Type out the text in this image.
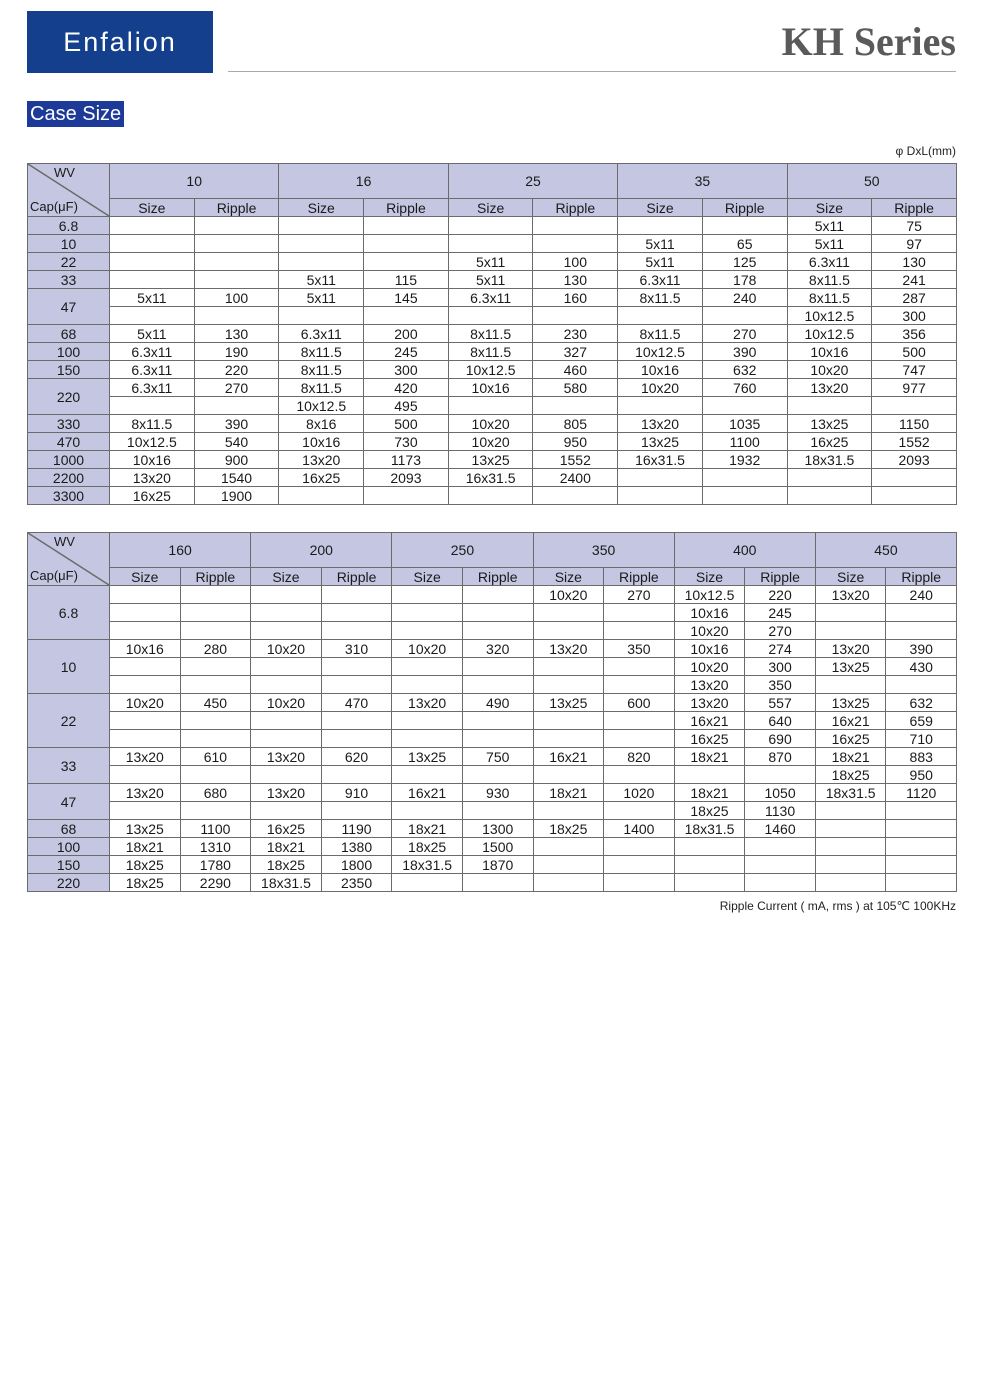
Enfalion	KH Series
Case Size
φ DxL(mm)
WV
Cap(μF)	10		16		25		35		50	
	Size	Ripple	Size	Ripple	Size	Ripple	Size	Ripple	Size	Ripple
6.8									5x11	75
10							5x11	65	5x11	97
22					5x11	100	5x11	125	6.3x11	130
33			5x11	115	5x11	130	6.3x11	178	8x11.5	241
47	5x11	100	5x11	145	6.3x11	160	8x11.5	240	8x11.5	287
									10x12.5	300
68	5x11	130	6.3x11	200	8x11.5	230	8x11.5	270	10x12.5	356
100	6.3x11	190	8x11.5	245	8x11.5	327	10x12.5	390	10x16	500
150	6.3x11	220	8x11.5	300	10x12.5	460	10x16	632	10x20	747
220	6.3x11	270	8x11.5	420	10x16	580	10x20	760	13x20	977
			10x12.5	495						
330	8x11.5	390	8x16	500	10x20	805	13x20	1035	13x25	1150
470	10x12.5	540	10x16	730	10x20	950	13x25	1100	16x25	1552
1000	10x16	900	13x20	1173	13x25	1552	16x31.5	1932	18x31.5	2093
2200	13x20	1540	16x25	2093	16x31.5	2400				
3300	16x25	1900								
WV
Cap(μF)	160		200		250		350		400		450	
	Size	Ripple	Size	Ripple	Size	Ripple	Size	Ripple	Size	Ripple	Size	Ripple
6.8							10x20	270	10x12.5	220	13x20	240
									10x16	245		
									10x20	270		
10	10x16	280	10x20	310	10x20	320	13x20	350	10x16	274	13x20	390
									10x20	300	13x25	430
									13x20	350		
22	10x20	450	10x20	470	13x20	490	13x25	600	13x20	557	13x25	632
									16x21	640	16x21	659
									16x25	690	16x25	710
33	13x20	610	13x20	620	13x25	750	16x21	820	18x21	870	18x21	883
											18x25	950
47	13x20	680	13x20	910	16x21	930	18x21	1020	18x21	1050	18x31.5	1120
									18x25	1130		
68	13x25	1100	16x25	1190	18x21	1300	18x25	1400	18x31.5	1460		
100	18x21	1310	18x21	1380	18x25	1500						
150	18x25	1780	18x25	1800	18x31.5	1870						
220	18x25	2290	18x31.5	2350								
Ripple Current ( mA, rms ) at 105℃ 100KHz
